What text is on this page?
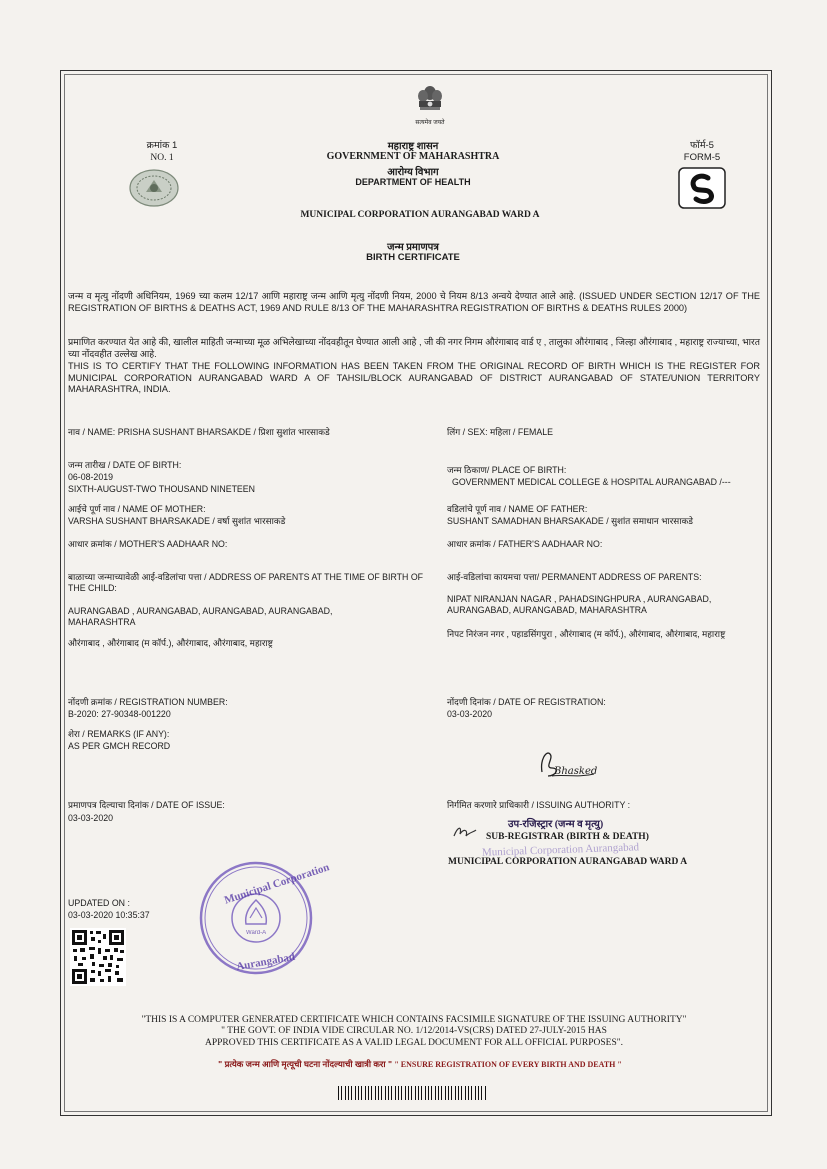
सत्यमेव जयते
क्रमांक 1
NO. 1
महाराष्ट्र शासन
GOVERNMENT OF MAHARASHTRA
आरोग्य विभाग
DEPARTMENT OF HEALTH
फॉर्म-5
FORM-5
MUNICIPAL CORPORATION AURANGABAD WARD A
जन्म प्रमाणपत्र
BIRTH CERTIFICATE
जन्म व मृत्यु नोंदणी अधिनियम, 1969 च्या कलम 12/17 आणि महाराष्ट्र जन्म आणि मृत्यु नोंदणी नियम, 2000 चे नियम 8/13 अन्वये देण्यात आले आहे. (ISSUED UNDER SECTION 12/17 OF THE REGISTRATION OF BIRTHS & DEATHS ACT, 1969 AND RULE 8/13 OF THE MAHARASHTRA REGISTRATION OF BIRTHS & DEATHS RULES 2000)
प्रमाणित करण्यात येत आहे की, खालील माहिती जन्माच्या मूळ अभिलेखाच्या नोंदवहीतून घेण्यात आली आहे , जी की नगर निगम औरंगाबाद वार्ड ए , तालुका औरंगाबाद , जिल्हा औरंगाबाद , महाराष्ट्र राज्याच्या, भारत च्या नोंदवहीत उल्लेख आहे.
THIS IS TO CERTIFY THAT THE FOLLOWING INFORMATION HAS BEEN TAKEN FROM THE ORIGINAL RECORD OF BIRTH WHICH IS THE REGISTER FOR MUNICIPAL CORPORATION AURANGABAD WARD A OF TAHSIL/BLOCK AURANGABAD OF DISTRICT AURANGABAD OF STATE/UNION TERRITORY MAHARASHTRA, INDIA.
नाव / NAME: PRISHA SUSHANT BHARSAKDE / प्रिशा सुशांत भारसाकडे
जन्म तारीख / DATE OF BIRTH:
06-08-2019
SIXTH-AUGUST-TWO THOUSAND NINETEEN
आईचे पूर्ण नाव / NAME OF MOTHER:
VARSHA SUSHANT BHARSAKADE / वर्षा सुशांत भारसाकडे
आधार क्रमांक / MOTHER'S AADHAAR NO:
बाळाच्या जन्माच्यावेळी आई-वडिलांचा पत्ता / ADDRESS OF PARENTS AT THE TIME OF BIRTH OF THE CHILD:
AURANGABAD , AURANGABAD, AURANGABAD, AURANGABAD, MAHARASHTRA
औरंगाबाद , औरंगाबाद (म कॉर्प.), औरंगाबाद, औरंगाबाद, महाराष्ट्र
नोंदणी क्रमांक / REGISTRATION NUMBER:
B-2020: 27-90348-001220
शेरा / REMARKS (IF ANY):
AS PER GMCH RECORD
प्रमाणपत्र दिल्याचा दिनांक / DATE OF ISSUE:
03-03-2020
लिंग / SEX: महिला / FEMALE
जन्म ठिकाण/ PLACE OF BIRTH:
GOVERNMENT MEDICAL COLLEGE & HOSPITAL AURANGABAD /---
वडिलांचे पूर्ण नाव / NAME OF FATHER:
SUSHANT SAMADHAN BHARSAKADE / सुशांत समाधान भारसाकडे
आधार क्रमांक / FATHER'S AADHAAR NO:
आई-वडिलांचा कायमचा पत्ता/ PERMANENT ADDRESS OF PARENTS:
NIPAT NIRANJAN NAGAR , PAHADSINGHPURA , AURANGABAD, AURANGABAD, AURANGABAD, MAHARASHTRA
निपट निरंजन नगर , पहाडसिंगपुरा , औरंगाबाद (म कॉर्प.), औरंगाबाद, औरंगाबाद, महाराष्ट्र
नोंदणी दिनांक / DATE OF REGISTRATION:
03-03-2020
Bhasked
निर्गमित करणारे प्राधिकारी / ISSUING AUTHORITY :
उप-रजिस्ट्रार (जन्म व मृत्यु)
SUB-REGISTRAR (BIRTH & DEATH)
Municipal Corporation Aurangabad
MUNICIPAL CORPORATION AURANGABAD WARD A
UPDATED ON :
03-03-2020 10:35:37
Municipal Corporation
Aurangabad
Ward-A
"THIS IS A COMPUTER GENERATED CERTIFICATE WHICH CONTAINS FACSIMILE SIGNATURE OF THE ISSUING AUTHORITY"
" THE GOVT. OF INDIA VIDE CIRCULAR NO. 1/12/2014-VS(CRS) DATED 27-JULY-2015 HAS
APPROVED THIS CERTIFICATE AS A VALID LEGAL DOCUMENT FOR ALL OFFICIAL PURPOSES".
" प्रत्येक जन्म आणि मृत्यूची घटना नोंदल्याची खात्री करा " " ENSURE REGISTRATION OF EVERY BIRTH AND DEATH "
